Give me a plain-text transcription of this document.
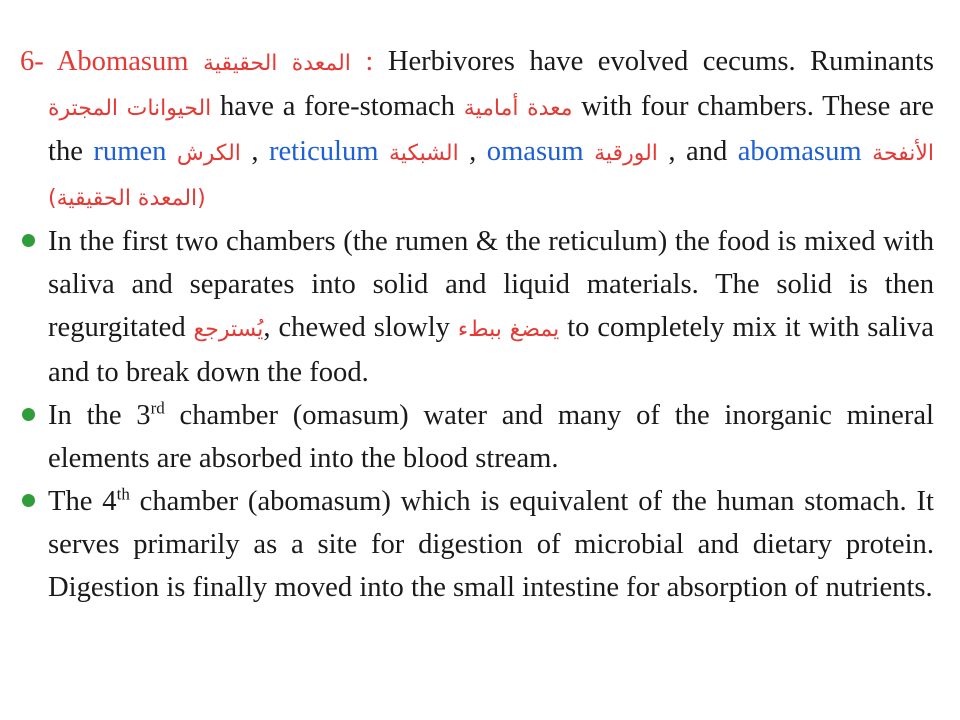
6- Abomasum المعدة الحقيقية : Herbivores have evolved cecums. Ruminants الحيوانات المجترة have a fore-stomach معدة أمامية with four chambers. These are the rumen الكرش , reticulum الشبكية , omasum الورقية , and abomasum الأنفحة (المعدة الحقيقية)

In the first two chambers (the rumen & the reticulum) the food is mixed with saliva and separates into solid and liquid materials. The solid is then regurgitated يُسترجع, chewed slowly يمضغ ببطء to completely mix it with saliva and to break down the food.

In the 3rd chamber (omasum) water and many of the inorganic mineral elements are absorbed into the blood stream.

The 4th chamber (abomasum) which is equivalent of the human stomach. It serves primarily as a site for digestion of microbial and dietary protein. Digestion is finally moved into the small intestine for absorption of nutrients.
